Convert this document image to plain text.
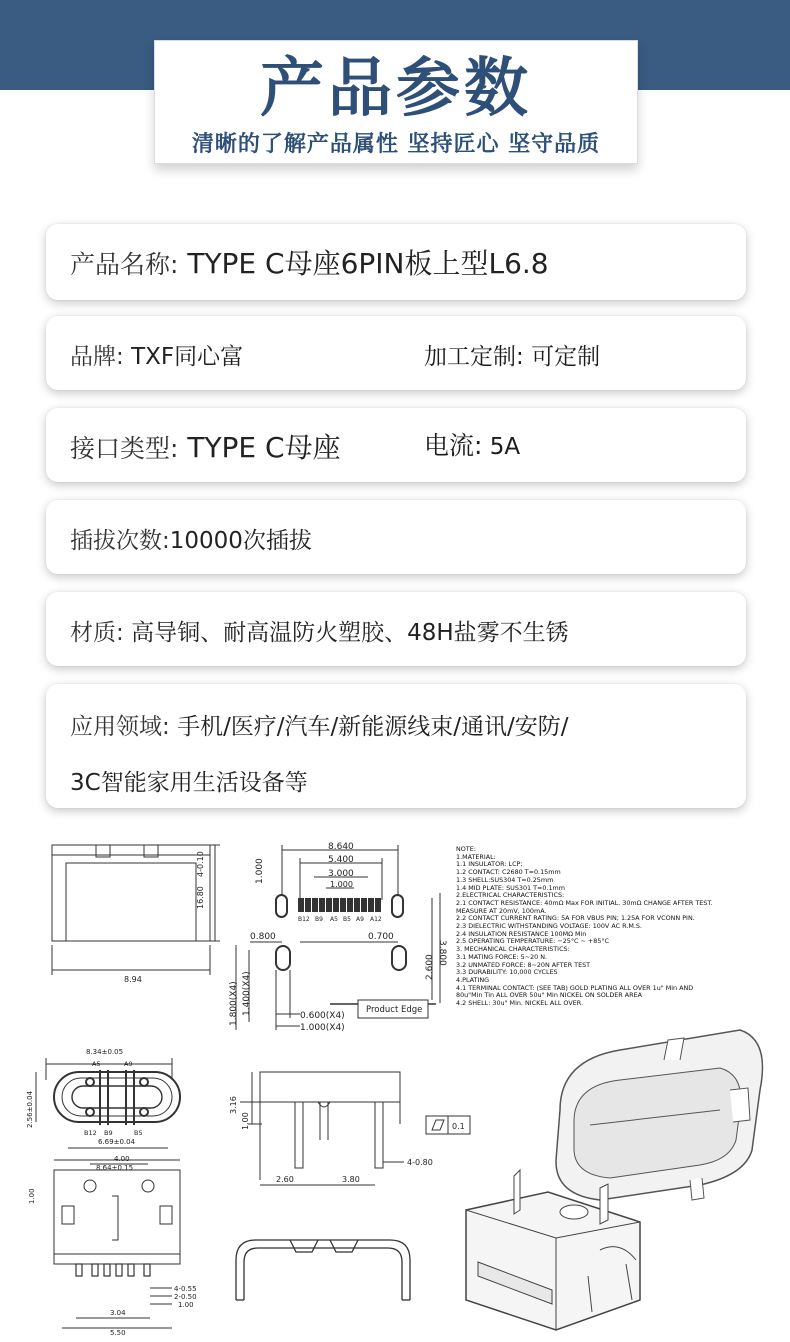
产品参数
清晰的了解产品属性 坚持匠心 坚守品质
产品名称: TYPE C母座6PIN板上型L6.8
品牌: TXF同心富	加工定制: 可定制
接口类型: TYPE C母座	电流: 5A
插拔次数:10000次插拔
材质: 高导铜、耐高温防火塑胶、48H盐雾不生锈
应用领域: 手机/医疗/汽车/新能源线束/通讯/安防/
3C智能家用生活设备等
8.94
4-0.10
16.80
8.640
5.400
3.000
1.000
1.000
B12 B9 A5 B5 A9 A12
0.800	0.700
3.800
2.600
1.800(X4) 1.400(X4)	0.600(X4)
1.000(X4)
Product Edge
8.34±0.05
A5	A9
B12 B9	B5
2.56±0.04
6.69±0.04
8.64±0.15
3.16
1.00
2.60	3.80
4-0.80
0.1
4.00
1.00
4-0.55
2-0.50
1.00
3.04
5.50
NOTE:
1.MATERIAL:
1.1 INSULATOR: LCP;
1.2 CONTACT: C2680 T=0.15mm
1.3 SHELL:SUS304 T=0.25mm
1.4 MID PLATE: SUS301 T=0.1mm
2.ELECTRICAL CHARACTERISTICS:
2.1 CONTACT RESISTANCE: 40mΩ Max FOR INITIAL. 30mΩ CHANGE AFTER TEST.
MEASURE AT 20mV, 100mA.
2.2 CONTACT CURRENT RATING: 5A FOR VBUS PIN; 1.25A FOR VCONN PIN.
2.3 DIELECTRIC WITHSTANDING VOLTAGE: 100V AC R.M.S.
2.4 INSULATION RESISTANCE 100MΩ Min
2.5 OPERATING TEMPERATURE: −25°C ~ +85°C
3. MECHANICAL CHARACTERISTICS:
3.1 MATING FORCE: 5~20 N.
3.2 UNMATED FORCE: 8~20N AFTER TEST
3.3 DURABILITY: 10,000 CYCLES
4.PLATING
4.1 TERMINAL CONTACT: (SEE TAB) GOLD PLATING ALL OVER 1u" Min AND
80u"Min Tin ALL OVER 50u" Min NICKEL ON SOLDER AREA
4.2 SHELL: 30u" Min. NICKEL ALL OVER.
